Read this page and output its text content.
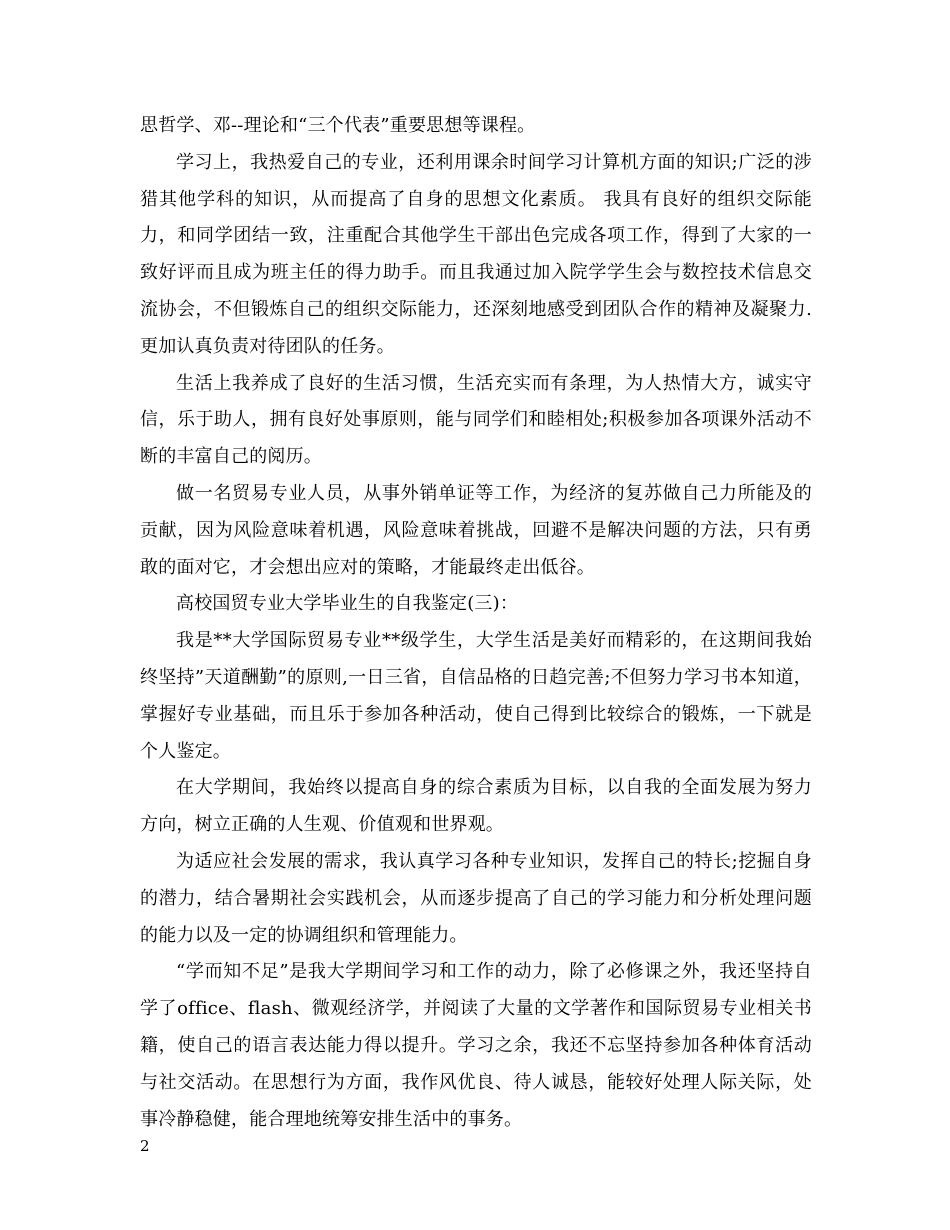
思哲学、邓--理论和“三个代表”重要思想等课程。

学习上，我热爱自己的专业，还利用课余时间学习计算机方面的知识;广泛的涉猎其他学科的知识，从而提高了自身的思想文化素质。 我具有良好的组织交际能力，和同学团结一致，注重配合其他学生干部出色完成各项工作，得到了大家的一致好评而且成为班主任的得力助手。而且我通过加入院学学生会与数控技术信息交流协会，不但锻炼自己的组织交际能力，还深刻地感受到团队合作的精神及凝聚力.更加认真负责对待团队的任务。

生活上我养成了良好的生活习惯，生活充实而有条理，为人热情大方，诚实守信，乐于助人，拥有良好处事原则，能与同学们和睦相处;积极参加各项课外活动不断的丰富自己的阅历。

做一名贸易专业人员，从事外销单证等工作，为经济的复苏做自己力所能及的贡献，因为风险意味着机遇，风险意味着挑战，回避不是解决问题的方法，只有勇敢的面对它，才会想出应对的策略，才能最终走出低谷。

高校国贸专业大学毕业生的自我鉴定(三)：

我是**大学国际贸易专业**级学生，大学生活是美好而精彩的，在这期间我始终坚持”天道酬勤”的原则,一日三省，自信品格的日趋完善;不但努力学习书本知道，掌握好专业基础，而且乐于参加各种活动，使自己得到比较综合的锻炼，一下就是个人鉴定。

在大学期间，我始终以提高自身的综合素质为目标，以自我的全面发展为努力方向，树立正确的人生观、价值观和世界观。

为适应社会发展的需求，我认真学习各种专业知识，发挥自己的特长;挖掘自身的潜力，结合暑期社会实践机会，从而逐步提高了自己的学习能力和分析处理问题的能力以及一定的协调组织和管理能力。

“学而知不足”是我大学期间学习和工作的动力，除了必修课之外，我还坚持自学了office、flash、微观经济学，并阅读了大量的文学著作和国际贸易专业相关书籍，使自己的语言表达能力得以提升。学习之余，我还不忘坚持参加各种体育活动与社交活动。在思想行为方面，我作风优良、待人诚恳，能较好处理人际关际，处事冷静稳健，能合理地统筹安排生活中的事务。

2
